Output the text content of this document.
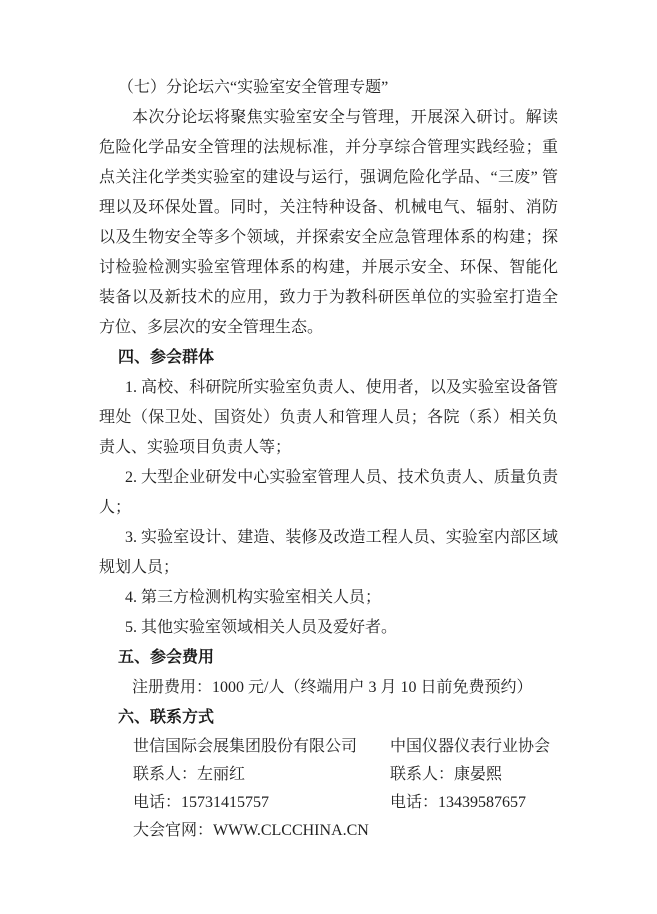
（七）分论坛六“实验室安全管理专题”

本次分论坛将聚焦实验室安全与管理，开展深入研讨。解读危险化学品安全管理的法规标准，并分享综合管理实践经验；重点关注化学类实验室的建设与运行，强调危险化学品、“三废” 管理以及环保处置。同时，关注特种设备、机械电气、辐射、消防以及生物安全等多个领域，并探索安全应急管理体系的构建；探讨检验检测实验室管理体系的构建，并展示安全、环保、智能化装备以及新技术的应用，致力于为教科研医单位的实验室打造全方位、多层次的安全管理生态。

四、参会群体

1. 高校、科研院所实验室负责人、使用者，以及实验室设备管理处（保卫处、国资处）负责人和管理人员；各院（系）相关负责人、实验项目负责人等；

2. 大型企业研发中心实验室管理人员、技术负责人、质量负责人；

3. 实验室设计、建造、装修及改造工程人员、实验室内部区域规划人员；

4. 第三方检测机构实验室相关人员；

5. 其他实验室领域相关人员及爱好者。

五、参会费用

注册费用：1000 元/人（终端用户 3 月 10 日前免费预约）

六、联系方式

世信国际会展集团股份有限公司
联系人：左丽红
电话：15731415757
大会官网：WWW.CLCCHINA.CN
中国仪器仪表行业协会
联系人：康晏熙
电话：13439587657
